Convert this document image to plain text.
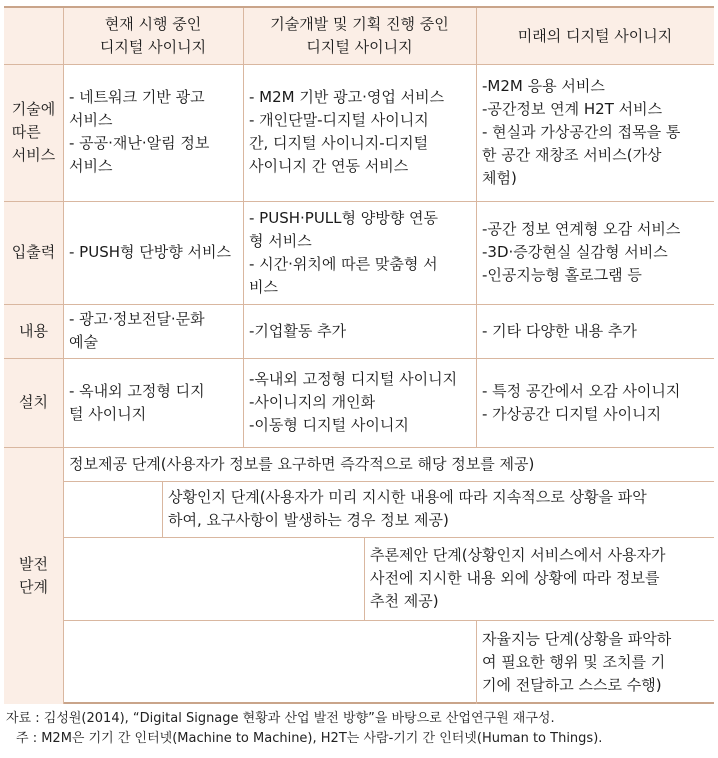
현재 시행 중인
디지털 사이니지
기술개발 및 기획 진행 중인
디지털 사이니지
미래의 디지털 사이니지
기술에
따른
서비스
- 네트워크 기반 광고
서비스
- 공공·재난·알림 정보
서비스
- M2M 기반 광고·영업 서비스
- 개인단말-디지털 사이니지
간, 디지털 사이니지-디지털
사이니지 간 연동 서비스
-M2M 응용 서비스
-공간정보 연계 H2T 서비스
- 현실과 가상공간의 접목을 통
한 공간 재창조 서비스(가상
체험)
입출력 - PUSH형 단방향 서비스
- PUSH·PULL형 양방향 연동
형 서비스
- 시간·위치에 따른 맞춤형 서
비스
-공간 정보 연계형 오감 서비스
-3D·증강현실 실감형 서비스
-인공지능형 홀로그램 등
내용
- 광고·정보전달·문화
예술
-기업활동 추가	- 기타 다양한 내용 추가
설치
- 옥내외 고정형 디지
털 사이니지
-옥내외 고정형 디지털 사이니지
-사이니지의 개인화
-이동형 디지털 사이니지
- 특정 공간에서 오감 사이니지
- 가상공간 디지털 사이니지
발전
단계
정보제공 단계(사용자가 정보를 요구하면 즉각적으로 해당 정보를 제공)
상황인지 단계(사용자가 미리 지시한 내용에 따라 지속적으로 상황을 파악
하여, 요구사항이 발생하는 경우 정보 제공)
추론제안 단계(상황인지 서비스에서 사용자가
사전에 지시한 내용 외에 상황에 따라 정보를
추천 제공)
자율지능 단계(상황을 파악하
여 필요한 행위 및 조치를 기
기에 전달하고 스스로 수행)
자료 : 김성원(2014), “Digital Signage 현황과 산업 발전 방향”을 바탕으로 산업연구원 재구성.
주 : M2M은 기기 간 인터넷(Machine to Machine), H2T는 사람-기기 간 인터넷(Human to Things).
